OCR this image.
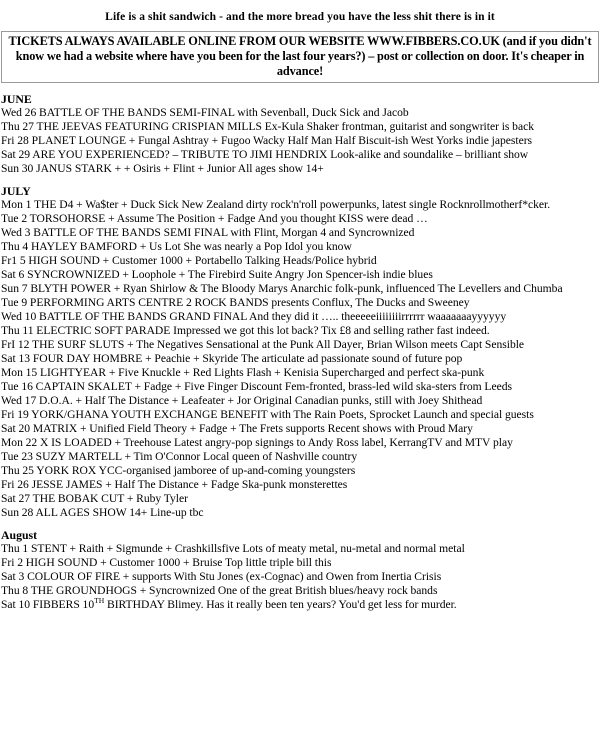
Life is a shit sandwich - and the more bread you have the less shit there is in it
TICKETS ALWAYS AVAILABLE ONLINE FROM OUR WEBSITE WWW.FIBBERS.CO.UK (and if you didn't know we had a website where have you been for the last four years?) – post or collection on door. It's cheaper in advance!
JUNE
Wed 26 BATTLE OF THE BANDS SEMI-FINAL with Sevenball, Duck Sick and Jacob
Thu 27 THE JEEVAS FEATURING CRISPIAN MILLS Ex-Kula Shaker frontman, guitarist and songwriter is back
Fri 28 PLANET LOUNGE + Fungal Ashtray + Fugoo Wacky Half Man Half Biscuit-ish West Yorks indie japesters
Sat 29 ARE YOU EXPERIENCED? – TRIBUTE TO JIMI HENDRIX Look-alike and soundalike – brilliant show
Sun 30 JANUS STARK + + Osiris + Flint + Junior All ages show 14+
JULY
Mon 1 THE D4 + Wa$ter + Duck Sick New Zealand dirty rock'n'roll powerpunks, latest single Rocknrollmotherf*cker.
Tue 2 TORSOHORSE + Assume The Position + Fadge And you thought KISS were dead …
Wed 3 BATTLE OF THE BANDS SEMI FINAL with Flint, Morgan 4 and Syncrownized
Thu 4 HAYLEY BAMFORD + Us Lot She was nearly a Pop Idol you know
Fr1 5 HIGH SOUND + Customer 1000 + Portabello Talking Heads/Police hybrid
Sat 6 SYNCROWNIZED + Loophole + The Firebird Suite Angry Jon Spencer-ish indie blues
Sun 7 BLYTH POWER + Ryan Shirlow & The Bloody Marys Anarchic folk-punk, influenced The Levellers and Chumba
Tue 9 PERFORMING ARTS CENTRE 2 ROCK BANDS presents Conflux, The Ducks and Sweeney
Wed 10 BATTLE OF THE BANDS GRAND FINAL And they did it ….. theeeeeiiiiiiiirrrrrr waaaaaaayyyyyy
Thu 11 ELECTRIC SOFT PARADE Impressed we got this lot back? Tix £8 and selling rather fast indeed.
FrI 12 THE SURF SLUTS + The Negatives Sensational at the Punk All Dayer, Brian Wilson meets Capt Sensible
Sat 13 FOUR DAY HOMBRE + Peachie + Skyride The articulate ad passionate sound of future pop
Mon 15 LIGHTYEAR + Five Knuckle + Red Lights Flash + Kenisia Supercharged and perfect ska-punk
Tue 16 CAPTAIN SKALET + Fadge + Five Finger Discount Fem-fronted, brass-led wild ska-sters from Leeds
Wed 17 D.O.A. + Half The Distance + Leafeater + Jor Original Canadian punks, still with Joey Shithead
Fri 19 YORK/GHANA YOUTH EXCHANGE BENEFIT with The Rain Poets, Sprocket Launch and special guests
Sat 20 MATRIX + Unified Field Theory + Fadge + The Frets supports Recent shows with Proud Mary
Mon 22 X IS LOADED + Treehouse Latest angry-pop signings to Andy Ross label, KerrangTV and MTV play
Tue 23 SUZY MARTELL + Tim O'Connor Local queen of Nashville country
Thu 25 YORK ROX YCC-organised jamboree of up-and-coming youngsters
Fri 26 JESSE JAMES + Half The Distance + Fadge Ska-punk monsterettes
Sat 27 THE BOBAK CUT + Ruby Tyler
Sun 28 ALL AGES SHOW 14+ Line-up tbc
August
Thu 1 STENT + Raith + Sigmunde + Crashkillsfive Lots of meaty metal, nu-metal and normal metal
Fri 2 HIGH SOUND + Customer 1000 + Bruise Top little triple bill this
Sat 3 COLOUR OF FIRE + supports With Stu Jones (ex-Cognac) and Owen from Inertia Crisis
Thu 8 THE GROUNDHOGS + Syncrownized One of the great British blues/heavy rock bands
Sat 10 FIBBERS 10TH BIRTHDAY Blimey. Has it really been ten years? You'd get less for murder.
